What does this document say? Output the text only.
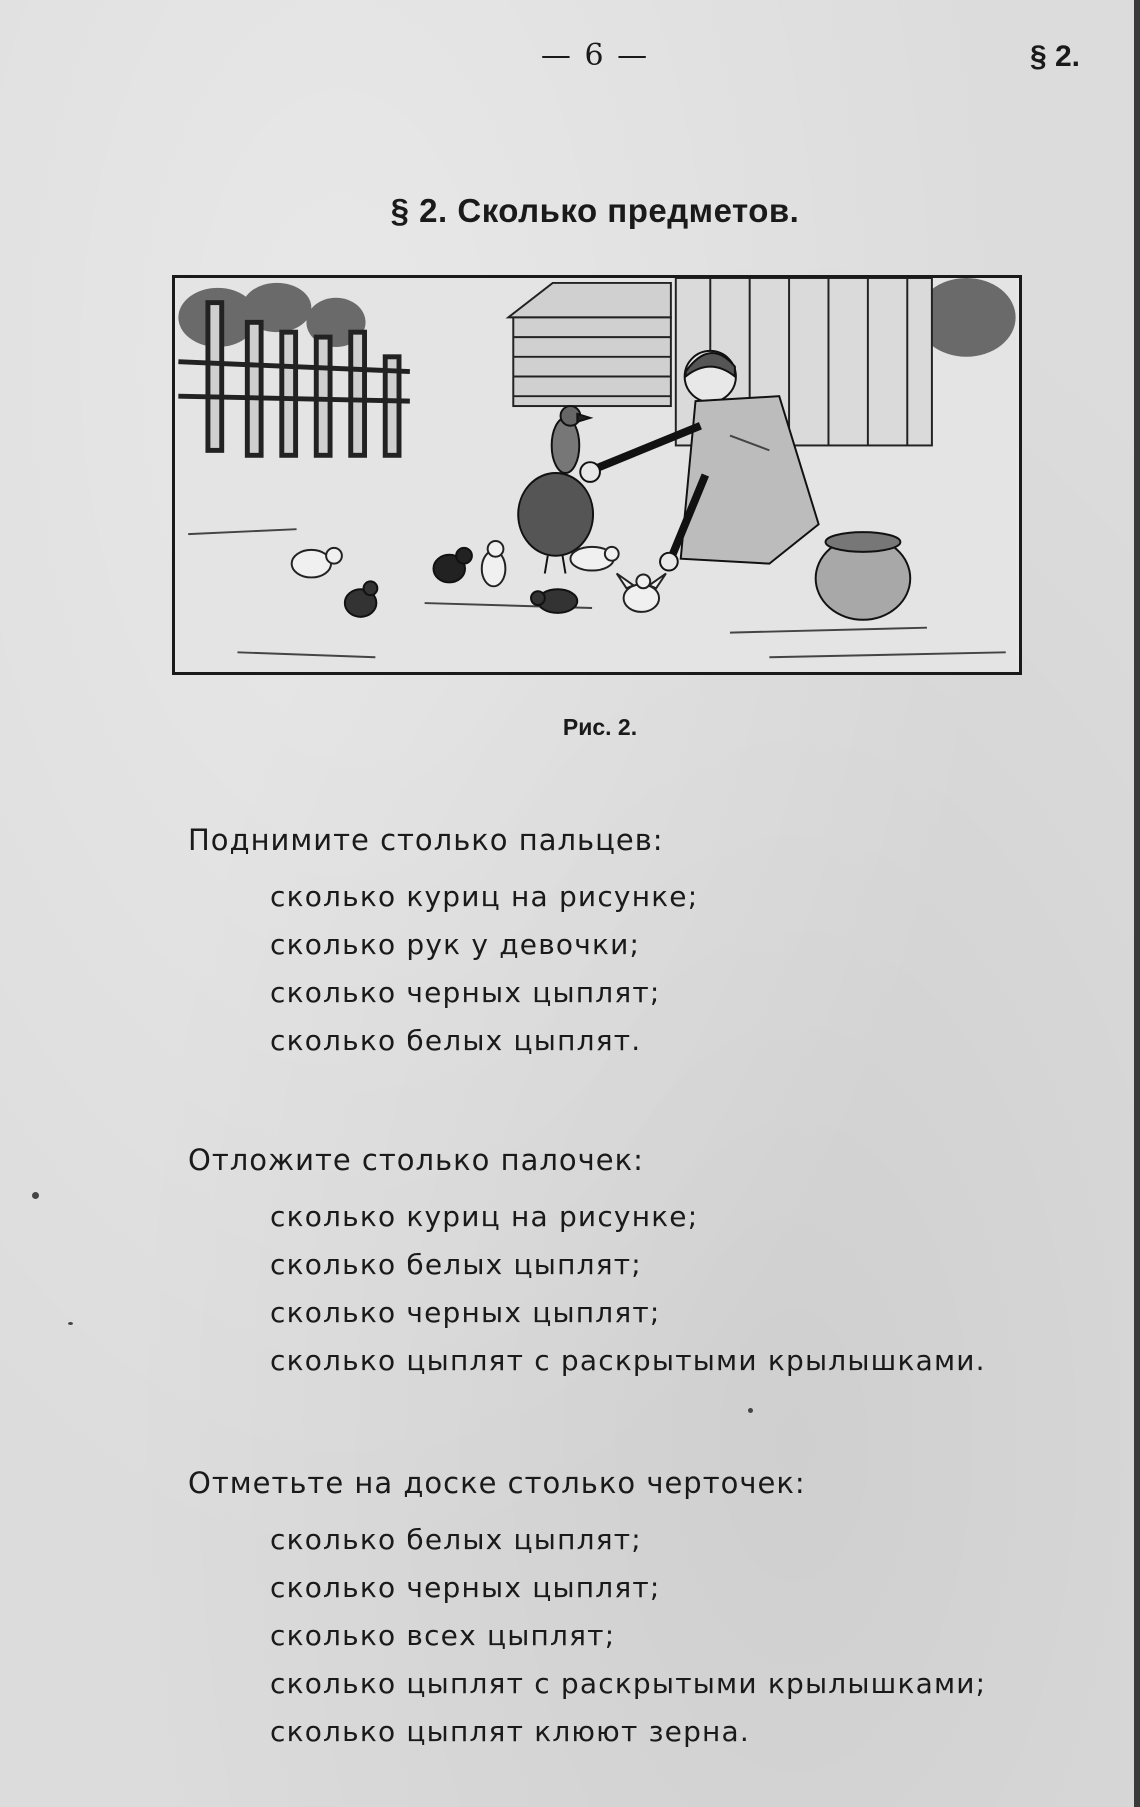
— 6 —	§ 2.
§ 2. Сколько предметов.
Рис. 2.

Поднимите столько пальцев:

сколько куриц на рисунке;
сколько рук у девочки;
сколько черных цыплят;
сколько белых цыплят.

Отложите столько палочек:

сколько куриц на рисунке;
сколько белых цыплят;
сколько черных цыплят;
сколько цыплят с раскрытыми крылышками.

Отметьте на доске столько черточек:

сколько белых цыплят;
сколько черных цыплят;
сколько всех цыплят;
сколько цыплят с раскрытыми крылышками;
сколько цыплят клюют зерна.
